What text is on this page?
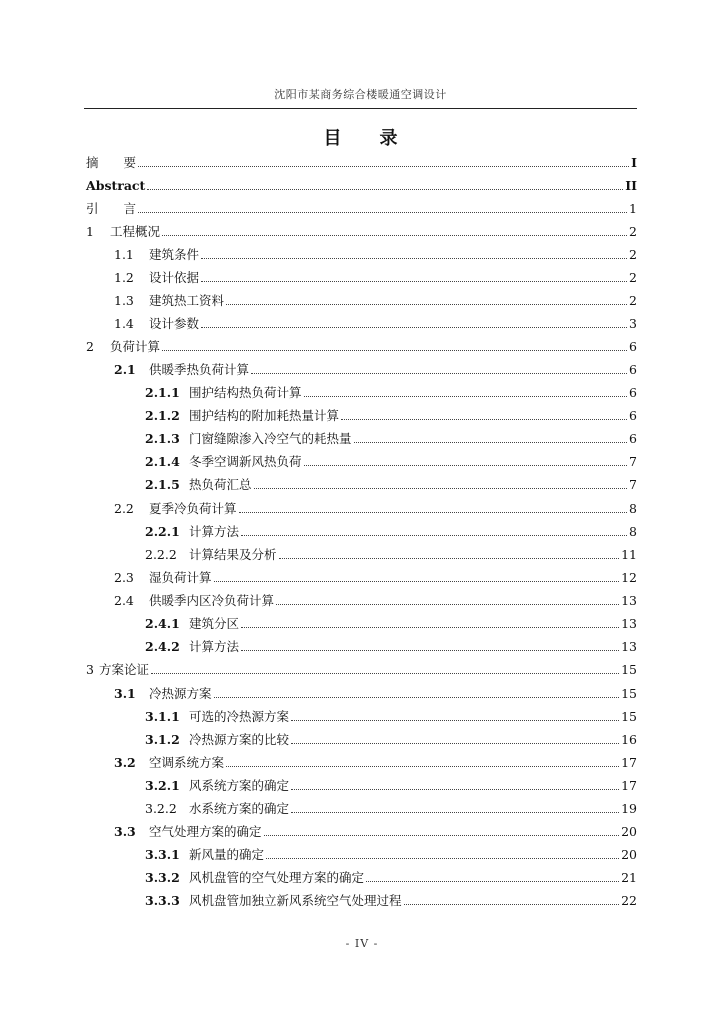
沈阳市某商务综合楼暖通空调设计
目 录
摘　　要	I
Abstract	II
引　　言	1
1	工程概况	2
1.1	建筑条件	2
1.2	设计依据	2
1.3	建筑热工资料	2
1.4	设计参数	3
2	负荷计算	6
2.1	供暖季热负荷计算	6
2.1.1 围护结构热负荷计算	6
2.1.2 围护结构的附加耗热量计算	6
2.1.3 门窗缝隙渗入冷空气的耗热量	6
2.1.4 冬季空调新风热负荷	7
2.1.5 热负荷汇总	7
2.2	夏季冷负荷计算	8
2.2.1 计算方法	8
2.2.2 计算结果及分析	11
2.3	湿负荷计算	12
2.4	供暖季内区冷负荷计算	13
2.4.1 建筑分区	13
2.4.2 计算方法	13
3 方案论证	15
3.1	冷热源方案	15
3.1.1 可选的冷热源方案	15
3.1.2 冷热源方案的比较	16
3.2	空调系统方案	17
3.2.1 风系统方案的确定	17
3.2.2 水系统方案的确定	19
3.3	空气处理方案的确定	20
3.3.1 新风量的确定	20
3.3.2 风机盘管的空气处理方案的确定	21
3.3.3 风机盘管加独立新风系统空气处理过程	22
- IV -
